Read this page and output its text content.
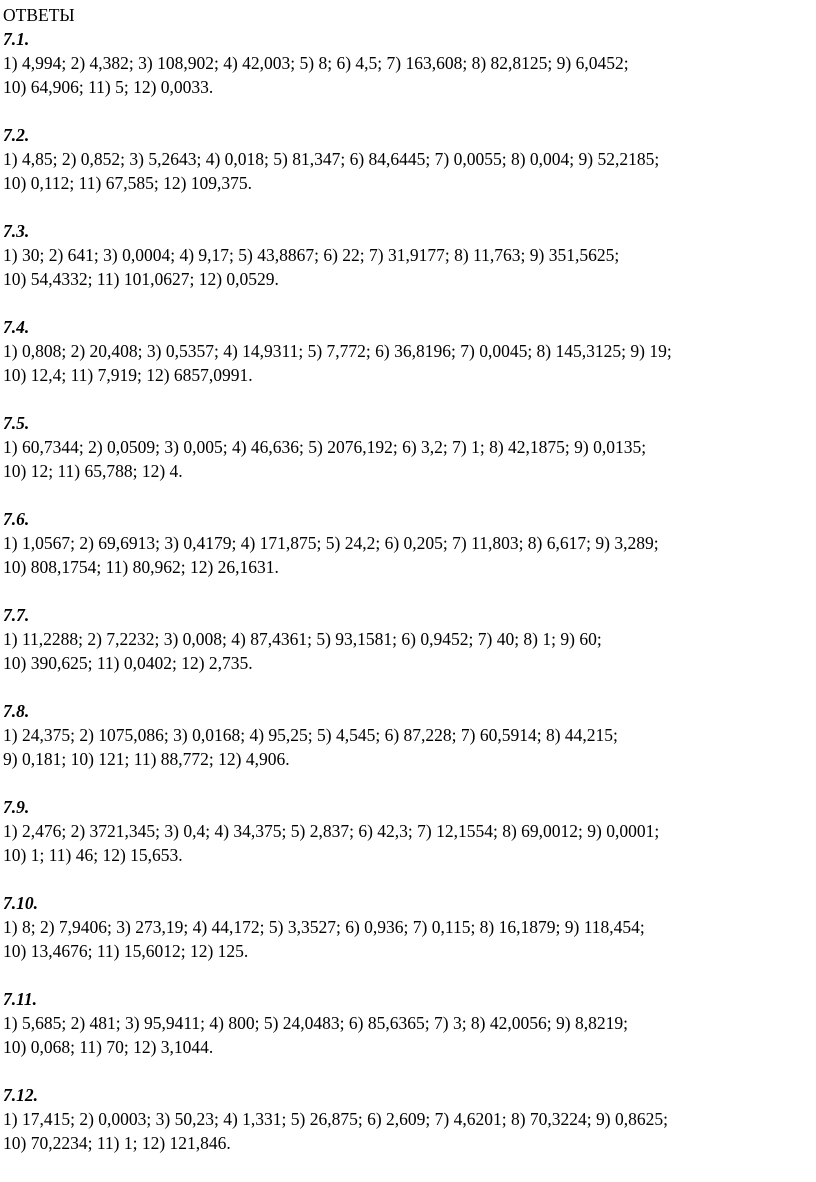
ОТВЕТЫ
7.1.
1) 4,994; 2) 4,382; 3) 108,902; 4) 42,003; 5) 8; 6) 4,5; 7) 163,608; 8) 82,8125; 9) 6,0452;
10) 64,906; 11) 5; 12) 0,0033.
7.2.
1) 4,85; 2) 0,852; 3) 5,2643; 4) 0,018; 5) 81,347; 6) 84,6445; 7) 0,0055; 8) 0,004; 9) 52,2185;
10) 0,112; 11) 67,585; 12) 109,375.
7.3.
1) 30; 2) 641; 3) 0,0004; 4) 9,17; 5) 43,8867; 6) 22; 7) 31,9177; 8) 11,763; 9) 351,5625;
10) 54,4332; 11) 101,0627; 12) 0,0529.
7.4.
1) 0,808; 2) 20,408; 3) 0,5357; 4) 14,9311; 5) 7,772; 6) 36,8196; 7) 0,0045; 8) 145,3125; 9) 19;
10) 12,4; 11) 7,919; 12) 6857,0991.
7.5.
1) 60,7344; 2) 0,0509; 3) 0,005; 4) 46,636; 5) 2076,192; 6) 3,2; 7) 1; 8) 42,1875; 9) 0,0135;
10) 12; 11) 65,788; 12) 4.
7.6.
1) 1,0567; 2) 69,6913; 3) 0,4179; 4) 171,875; 5) 24,2; 6) 0,205; 7) 11,803; 8) 6,617; 9) 3,289;
10) 808,1754; 11) 80,962; 12) 26,1631.
7.7.
1) 11,2288; 2) 7,2232; 3) 0,008; 4) 87,4361; 5) 93,1581; 6) 0,9452; 7) 40; 8) 1; 9) 60;
10) 390,625; 11) 0,0402; 12) 2,735.
7.8.
1) 24,375; 2) 1075,086; 3) 0,0168; 4) 95,25; 5) 4,545; 6) 87,228; 7) 60,5914; 8) 44,215;
9) 0,181; 10) 121; 11) 88,772; 12) 4,906.
7.9.
1) 2,476; 2) 3721,345; 3) 0,4; 4) 34,375; 5) 2,837; 6) 42,3; 7) 12,1554; 8) 69,0012; 9) 0,0001;
10) 1; 11) 46; 12) 15,653.
7.10.
1) 8; 2) 7,9406; 3) 273,19; 4) 44,172; 5) 3,3527; 6) 0,936; 7) 0,115; 8) 16,1879; 9) 118,454;
10) 13,4676; 11) 15,6012; 12) 125.
7.11.
1) 5,685; 2) 481; 3) 95,9411; 4) 800; 5) 24,0483; 6) 85,6365; 7) 3; 8) 42,0056; 9) 8,8219;
10) 0,068; 11) 70; 12) 3,1044.
7.12.
1) 17,415; 2) 0,0003; 3) 50,23; 4) 1,331; 5) 26,875; 6) 2,609; 7) 4,6201; 8) 70,3224; 9) 0,8625;
10) 70,2234; 11) 1; 12) 121,846.
